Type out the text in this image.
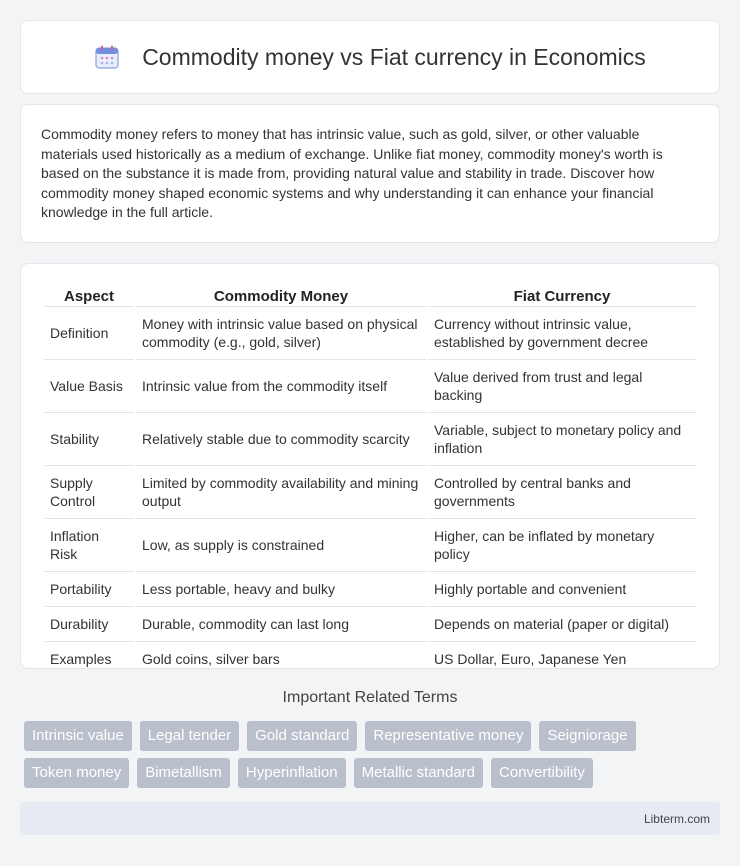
Commodity money vs Fiat currency in Economics

Commodity money refers to money that has intrinsic value, such as gold, silver, or other valuable materials used historically as a medium of exchange. Unlike fiat money, commodity money's worth is based on the substance it is made from, providing natural value and stability in trade. Discover how commodity money shaped economic systems and why understanding it can enhance your financial knowledge in the full article.

Aspect	Commodity Money	Fiat Currency
Definition	Money with intrinsic value based on physical commodity (e.g., gold, silver)	Currency without intrinsic value, established by government decree
Value Basis	Intrinsic value from the commodity itself	Value derived from trust and legal backing
Stability	Relatively stable due to commodity scarcity	Variable, subject to monetary policy and inflation
Supply Control	Limited by commodity availability and mining output	Controlled by central banks and governments
Inflation Risk	Low, as supply is constrained	Higher, can be inflated by monetary policy
Portability	Less portable, heavy and bulky	Highly portable and convenient
Durability	Durable, commodity can last long	Depends on material (paper or digital)
Examples	Gold coins, silver bars	US Dollar, Euro, Japanese Yen
Important Related Terms
Intrinsic value	Legal tender	Gold standard	Representative money	Seigniorage
Token money	Bimetallism	Hyperinflation	Metallic standard	Convertibility
Libterm.com
